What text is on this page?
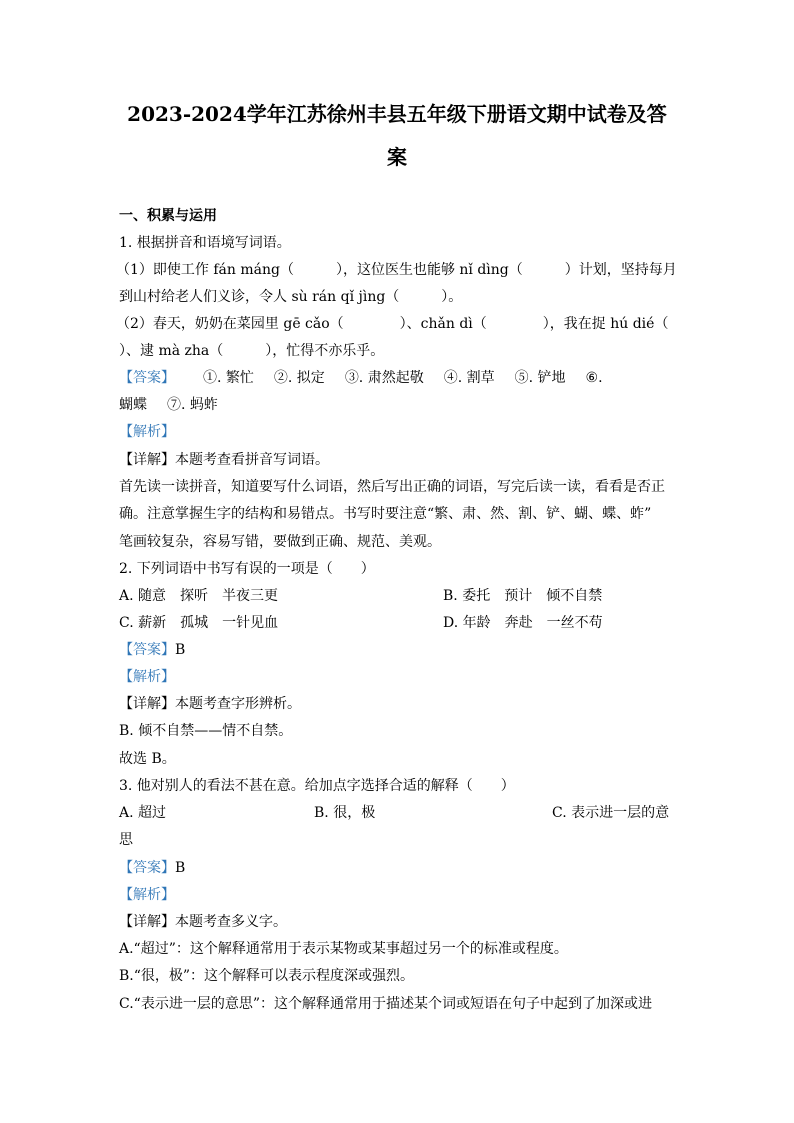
2023-2024学年江苏徐州丰县五年级下册语文期中试卷及答
案
一、积累与运用
1. 根据拼音和语境写词语。
（1）即使工作 fán máng（　　　），这位医生也能够 nǐ dìng（　　　）计划，坚持每月
到山村给老人们义诊，令人 sù rán qǐ jìng（　　　）。
（2）春天，奶奶在菜园里 gē cǎo（　　　　）、chǎn dì（　　　　），我在捉 hú dié（
）、逮 mà zha（　　　），忙得不亦乐乎。
【答案】 ①. 繁忙 ②. 拟定 ③. 肃然起敬 ④. 割草 ⑤. 铲地 ⑥.
蝴蝶 ⑦. 蚂蚱
【解析】
【详解】本题考查看拼音写词语。
首先读一读拼音，知道要写什么词语，然后写出正确的词语，写完后读一读，看看是否正
确。注意掌握生字的结构和易错点。书写时要注意“繁、肃、然、割、铲、蝴、蝶、蚱”
笔画较复杂，容易写错，要做到正确、规范、美观。
2. 下列词语中书写有误的一项是（　　）
A. 随意　探听　半夜三更	B. 委托　预计　倾不自禁
C. 薪新　孤城　一针见血	D. 年龄　奔赴　一丝不苟
【答案】B
【解析】
【详解】本题考查字形辨析。
B. 倾不自禁——情不自禁。
故选 B。
3. 他对别人的看法不甚在意。给加点字选择合适的解释（　　）
A. 超过	B. 很，极	C. 表示进一层的意
思
【答案】B
【解析】
【详解】本题考查多义字。
A.“超过”：这个解释通常用于表示某物或某事超过另一个的标准或程度。
B.“很，极”：这个解释可以表示程度深或强烈。
C.“表示进一层的意思”：这个解释通常用于描述某个词或短语在句子中起到了加深或进
